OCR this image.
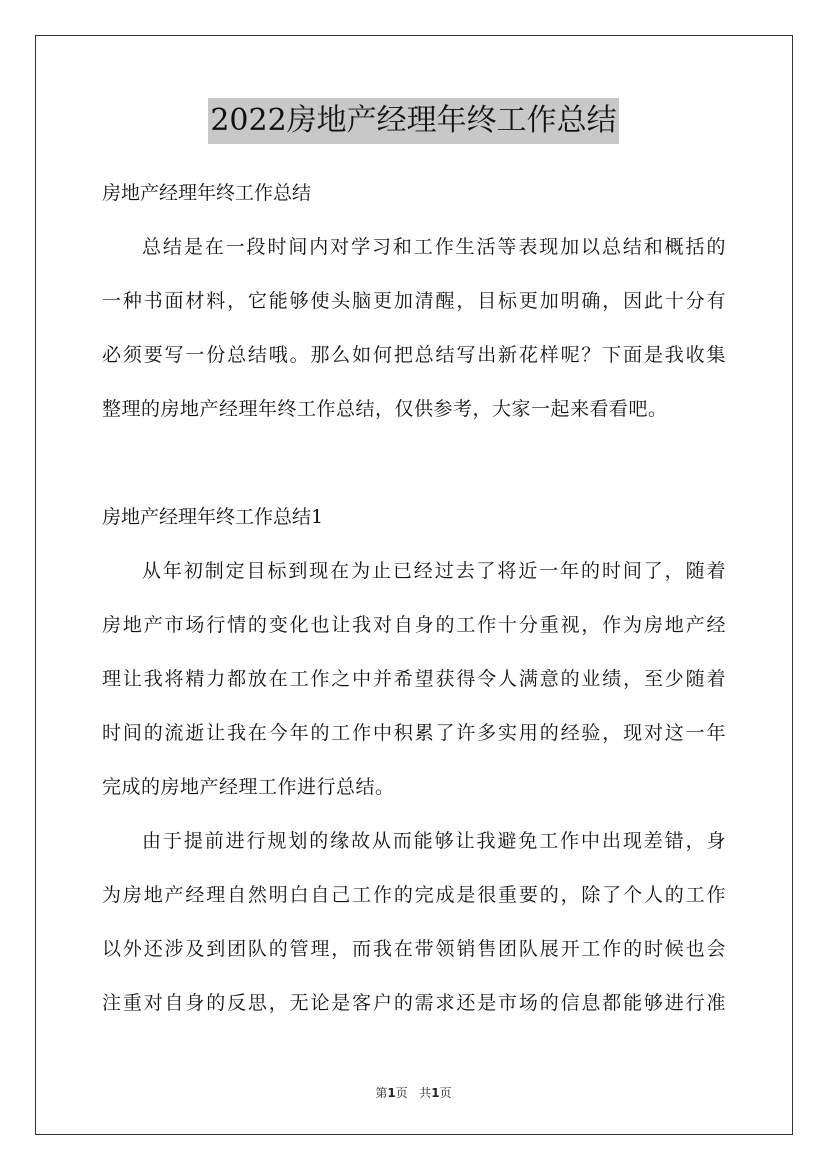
2022房地产经理年终工作总结
房地产经理年终工作总结
总结是在一段时间内对学习和工作生活等表现加以总结和概括的
一种书面材料，它能够使头脑更加清醒，目标更加明确，因此十分有
必须要写一份总结哦。那么如何把总结写出新花样呢？下面是我收集
整理的房地产经理年终工作总结，仅供参考，大家一起来看看吧。
房地产经理年终工作总结1
从年初制定目标到现在为止已经过去了将近一年的时间了，随着
房地产市场行情的变化也让我对自身的工作十分重视，作为房地产经
理让我将精力都放在工作之中并希望获得令人满意的业绩，至少随着
时间的流逝让我在今年的工作中积累了许多实用的经验，现对这一年
完成的房地产经理工作进行总结。
由于提前进行规划的缘故从而能够让我避免工作中出现差错，身
为房地产经理自然明白自己工作的完成是很重要的，除了个人的工作
以外还涉及到团队的管理，而我在带领销售团队展开工作的时候也会
注重对自身的反思，无论是客户的需求还是市场的信息都能够进行准
第1页 共1页
